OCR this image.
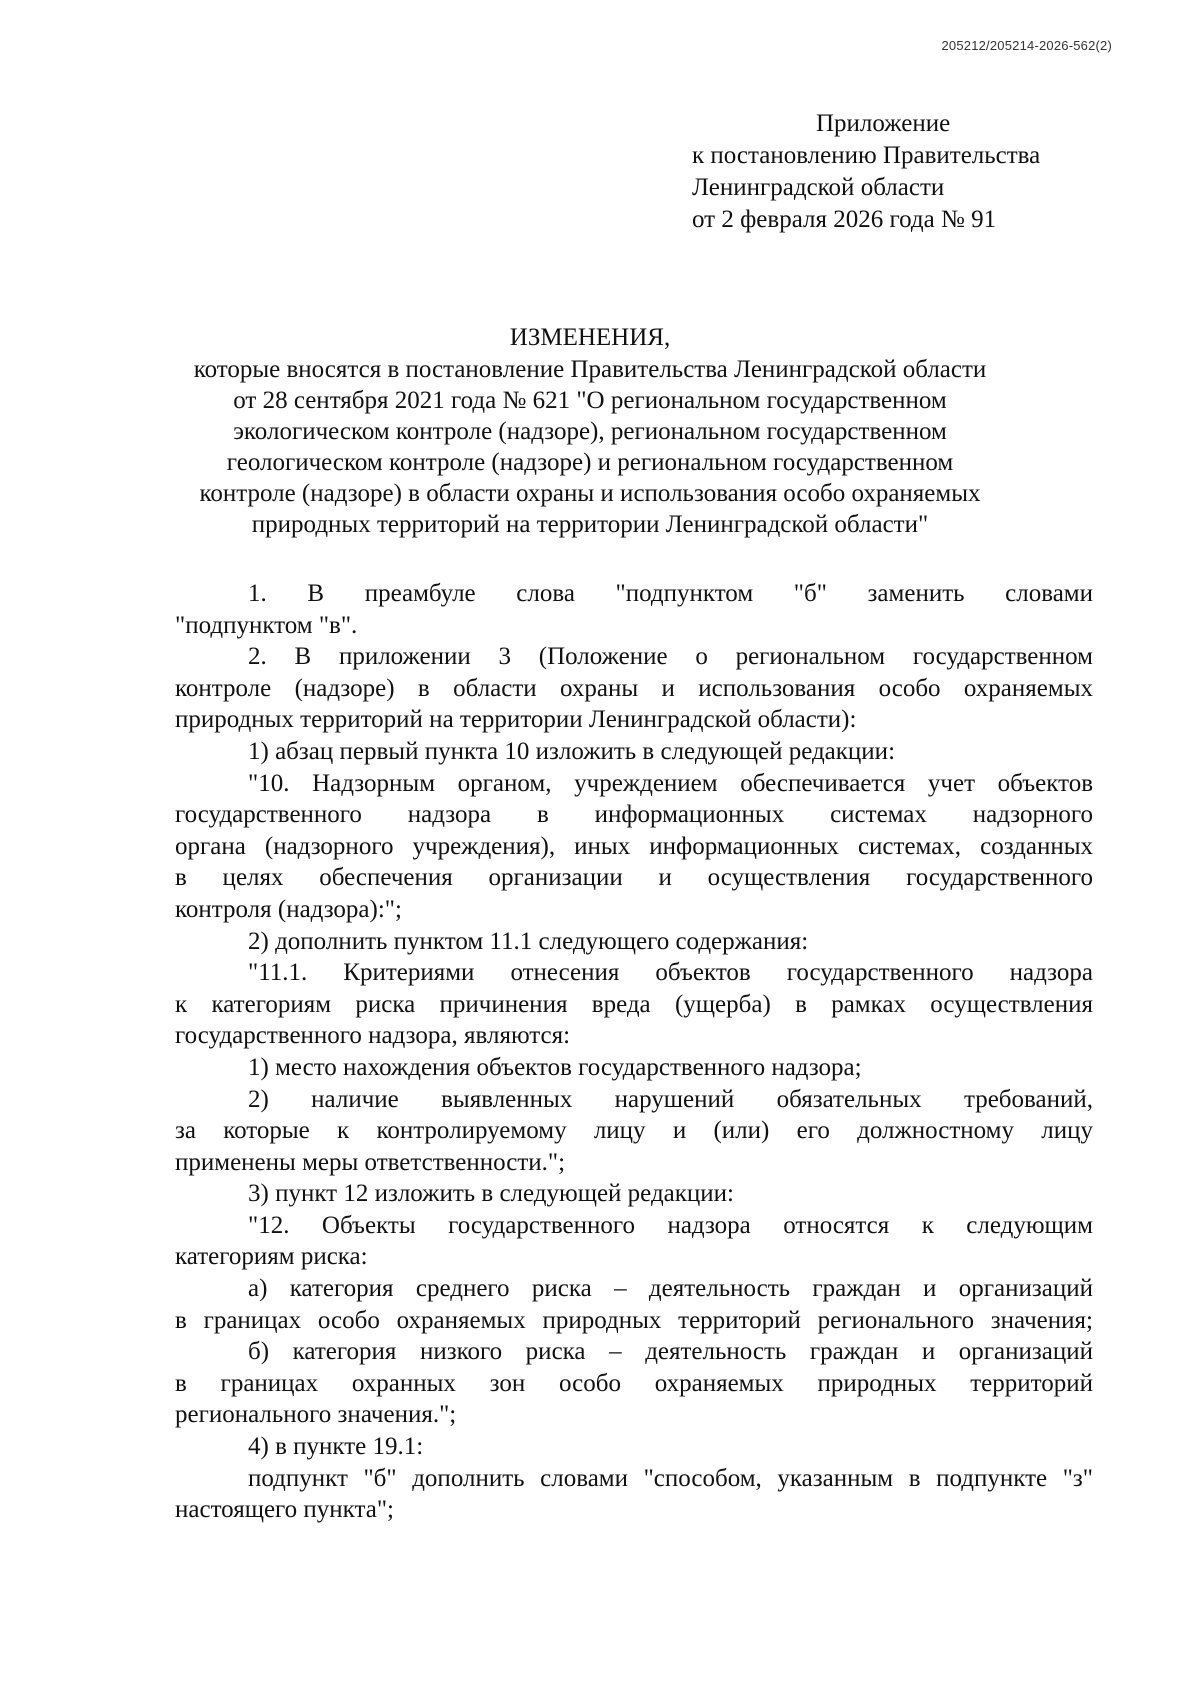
205212/205214-2026-562(2)
Приложение
к постановлению Правительства
Ленинградской области
от 2 февраля 2026 года № 91
ИЗМЕНЕНИЯ,
которые вносятся в постановление Правительства Ленинградской области
от 28 сентября 2021 года № 621 "О региональном государственном
экологическом контроле (надзоре), региональном государственном
геологическом контроле (надзоре) и региональном государственном
контроле (надзоре) в области охраны и использования особо охраняемых
природных территорий на территории Ленинградской области"
1. В преамбуле слова "подпунктом "б" заменить словами
"подпунктом "в".
2. В приложении 3 (Положение о региональном государственном
контроле (надзоре) в области охраны и использования особо охраняемых
природных территорий на территории Ленинградской области):
1) абзац первый пункта 10 изложить в следующей редакции:
"10. Надзорным органом, учреждением обеспечивается учет объектов
государственного надзора в информационных системах надзорного
органа (надзорного учреждения), иных информационных системах, созданных
в целях обеспечения организации и осуществления государственного
контроля (надзора):";
2) дополнить пунктом 11.1 следующего содержания:
"11.1. Критериями отнесения объектов государственного надзора
к категориям риска причинения вреда (ущерба) в рамках осуществления
государственного надзора, являются:
1) место нахождения объектов государственного надзора;
2) наличие выявленных нарушений обязательных требований,
за которые к контролируемому лицу и (или) его должностному лицу
применены меры ответственности.";
3) пункт 12 изложить в следующей редакции:
"12. Объекты государственного надзора относятся к следующим
категориям риска:
а) категория среднего риска – деятельность граждан и организаций
в границах особо охраняемых природных территорий регионального значения;
б) категория низкого риска – деятельность граждан и организаций
в границах охранных зон особо охраняемых природных территорий
регионального значения.";
4) в пункте 19.1:
подпункт "б" дополнить словами "способом, указанным в подпункте "з"
настоящего пункта";
